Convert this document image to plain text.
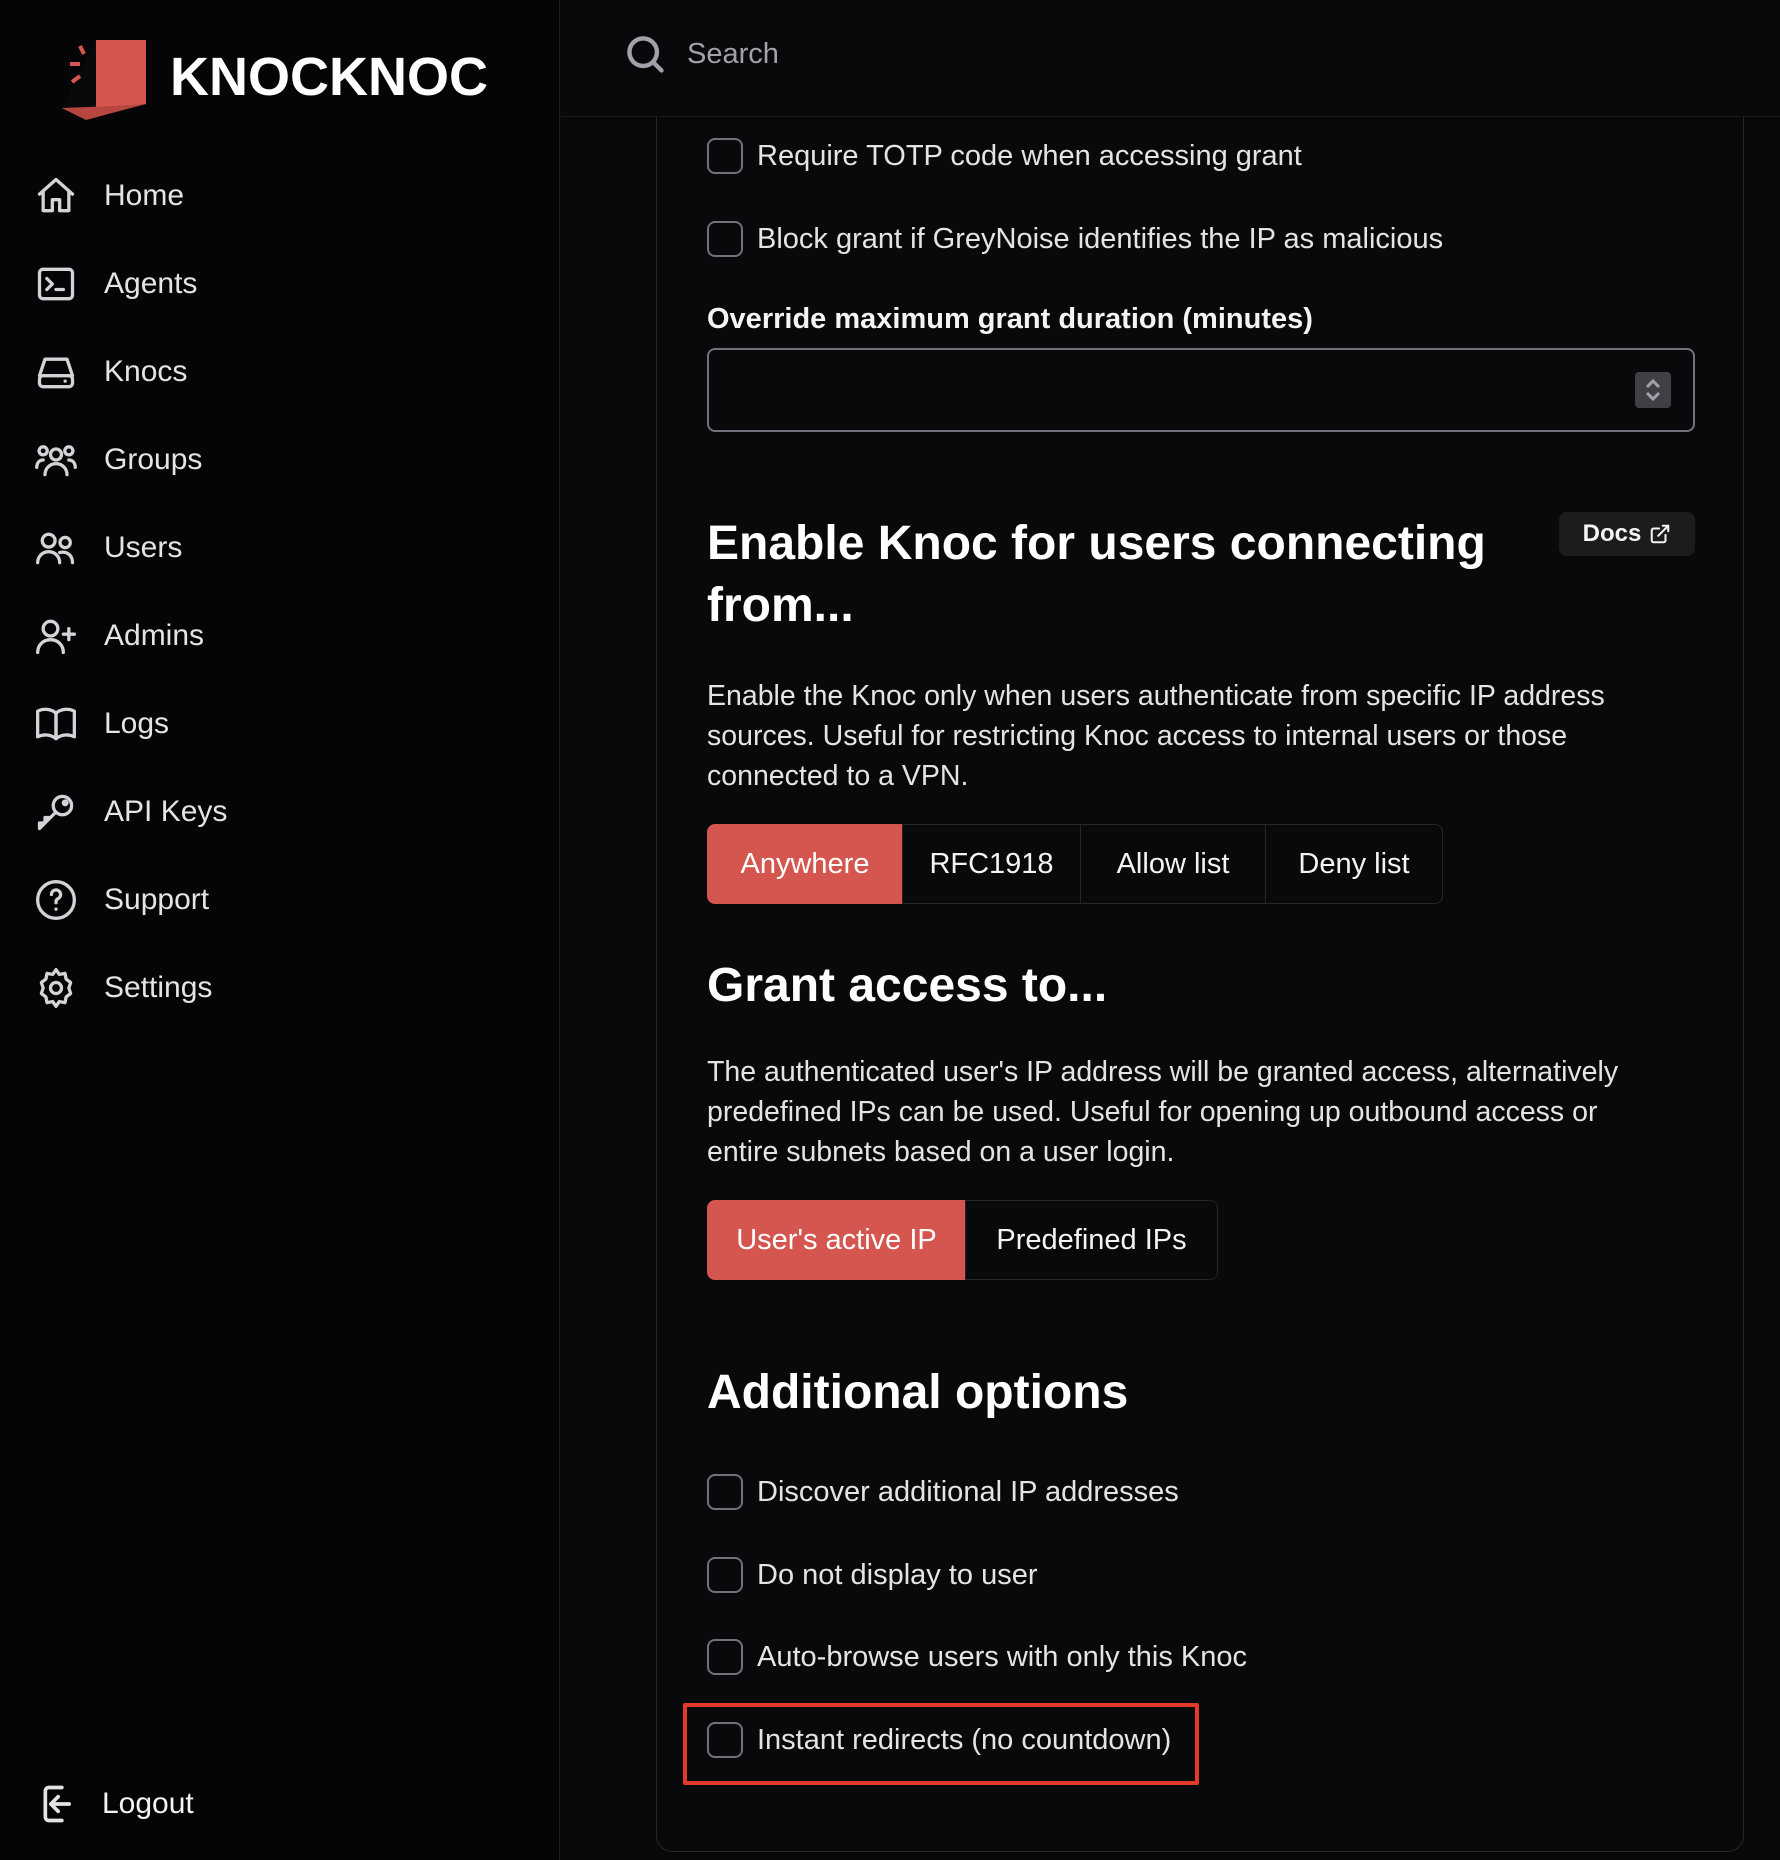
KNOCKNOC
Home
Agents
Knocs
Groups
Users
Admins
Logs
API Keys
Support
Settings
Logout
Search
Require TOTP code when accessing grant
Block grant if GreyNoise identifies the IP as malicious
Override maximum grant duration (minutes)
Enable Knoc for users connecting from...
Docs

Enable the Knoc only when users authenticate from specific IP address sources. Useful for restricting Knoc access to internal users or those connected to a VPN.

Anywhere	RFC1918	Allow list	Deny list
Grant access to...

The authenticated user's IP address will be granted access, alternatively predefined IPs can be used. Useful for opening up outbound access or entire subnets based on a user login.

User's active IP	Predefined IPs
Additional options
Discover additional IP addresses
Do not display to user
Auto-browse users with only this Knoc
Instant redirects (no countdown)
